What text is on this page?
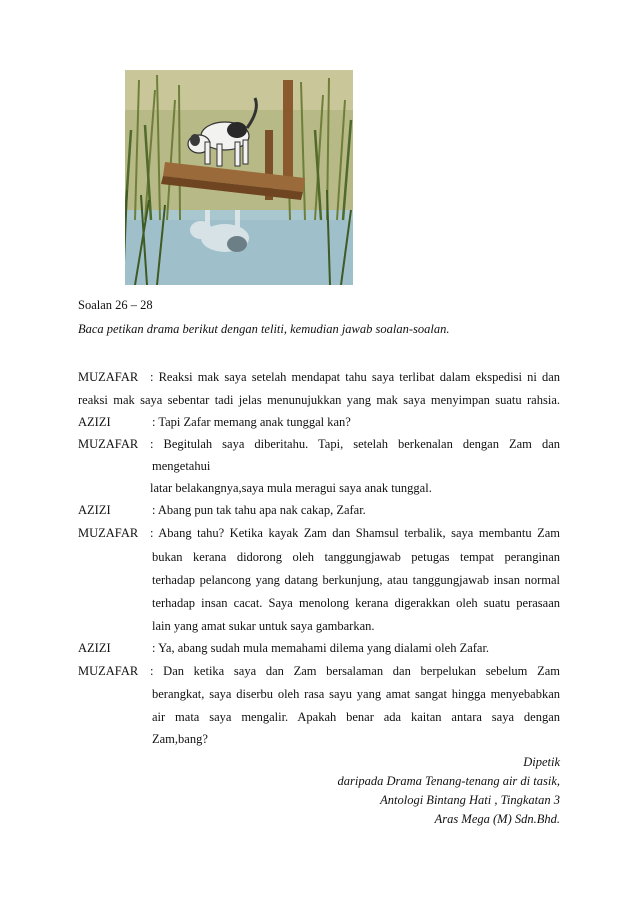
Soalan 26 – 28
Baca petikan drama berikut dengan teliti, kemudian jawab soalan-soalan.
MUZAFAR : Reaksi mak saya setelah mendapat tahu saya terlibat dalam ekspedisi ni dan
reaksi mak saya sebentar tadi jelas menunujukkan yang mak saya menyimpan suatu rahsia.
AZIZI	: Tapi Zafar memang anak tunggal kan?
MUZAFAR : Begitulah saya diberitahu. Tapi, setelah berkenalan dengan Zam dan
mengetahui
latar belakangnya,saya mula meragui saya anak tunggal.
AZIZI	: Abang pun tak tahu apa nak cakap, Zafar.
MUZAFAR : Abang tahu? Ketika kayak Zam dan Shamsul terbalik, saya membantu Zam
bukan kerana didorong oleh tanggungjawab petugas tempat peranginan
terhadap pelancong yang datang berkunjung, atau tanggungjawab insan normal
terhadap insan cacat. Saya menolong kerana digerakkan oleh suatu perasaan
lain yang amat sukar untuk saya gambarkan.
AZIZI	: Ya, abang sudah mula memahami dilema yang dialami oleh Zafar.
MUZAFAR : Dan ketika saya dan Zam bersalaman dan berpelukan sebelum Zam
berangkat, saya diserbu oleh rasa sayu yang amat sangat hingga menyebabkan
air mata saya mengalir. Apakah benar ada kaitan antara saya dengan
Zam,bang?
Dipetik
daripada Drama Tenang-tenang air di tasik,
Antologi Bintang Hati , Tingkatan 3
Aras Mega (M) Sdn.Bhd.
